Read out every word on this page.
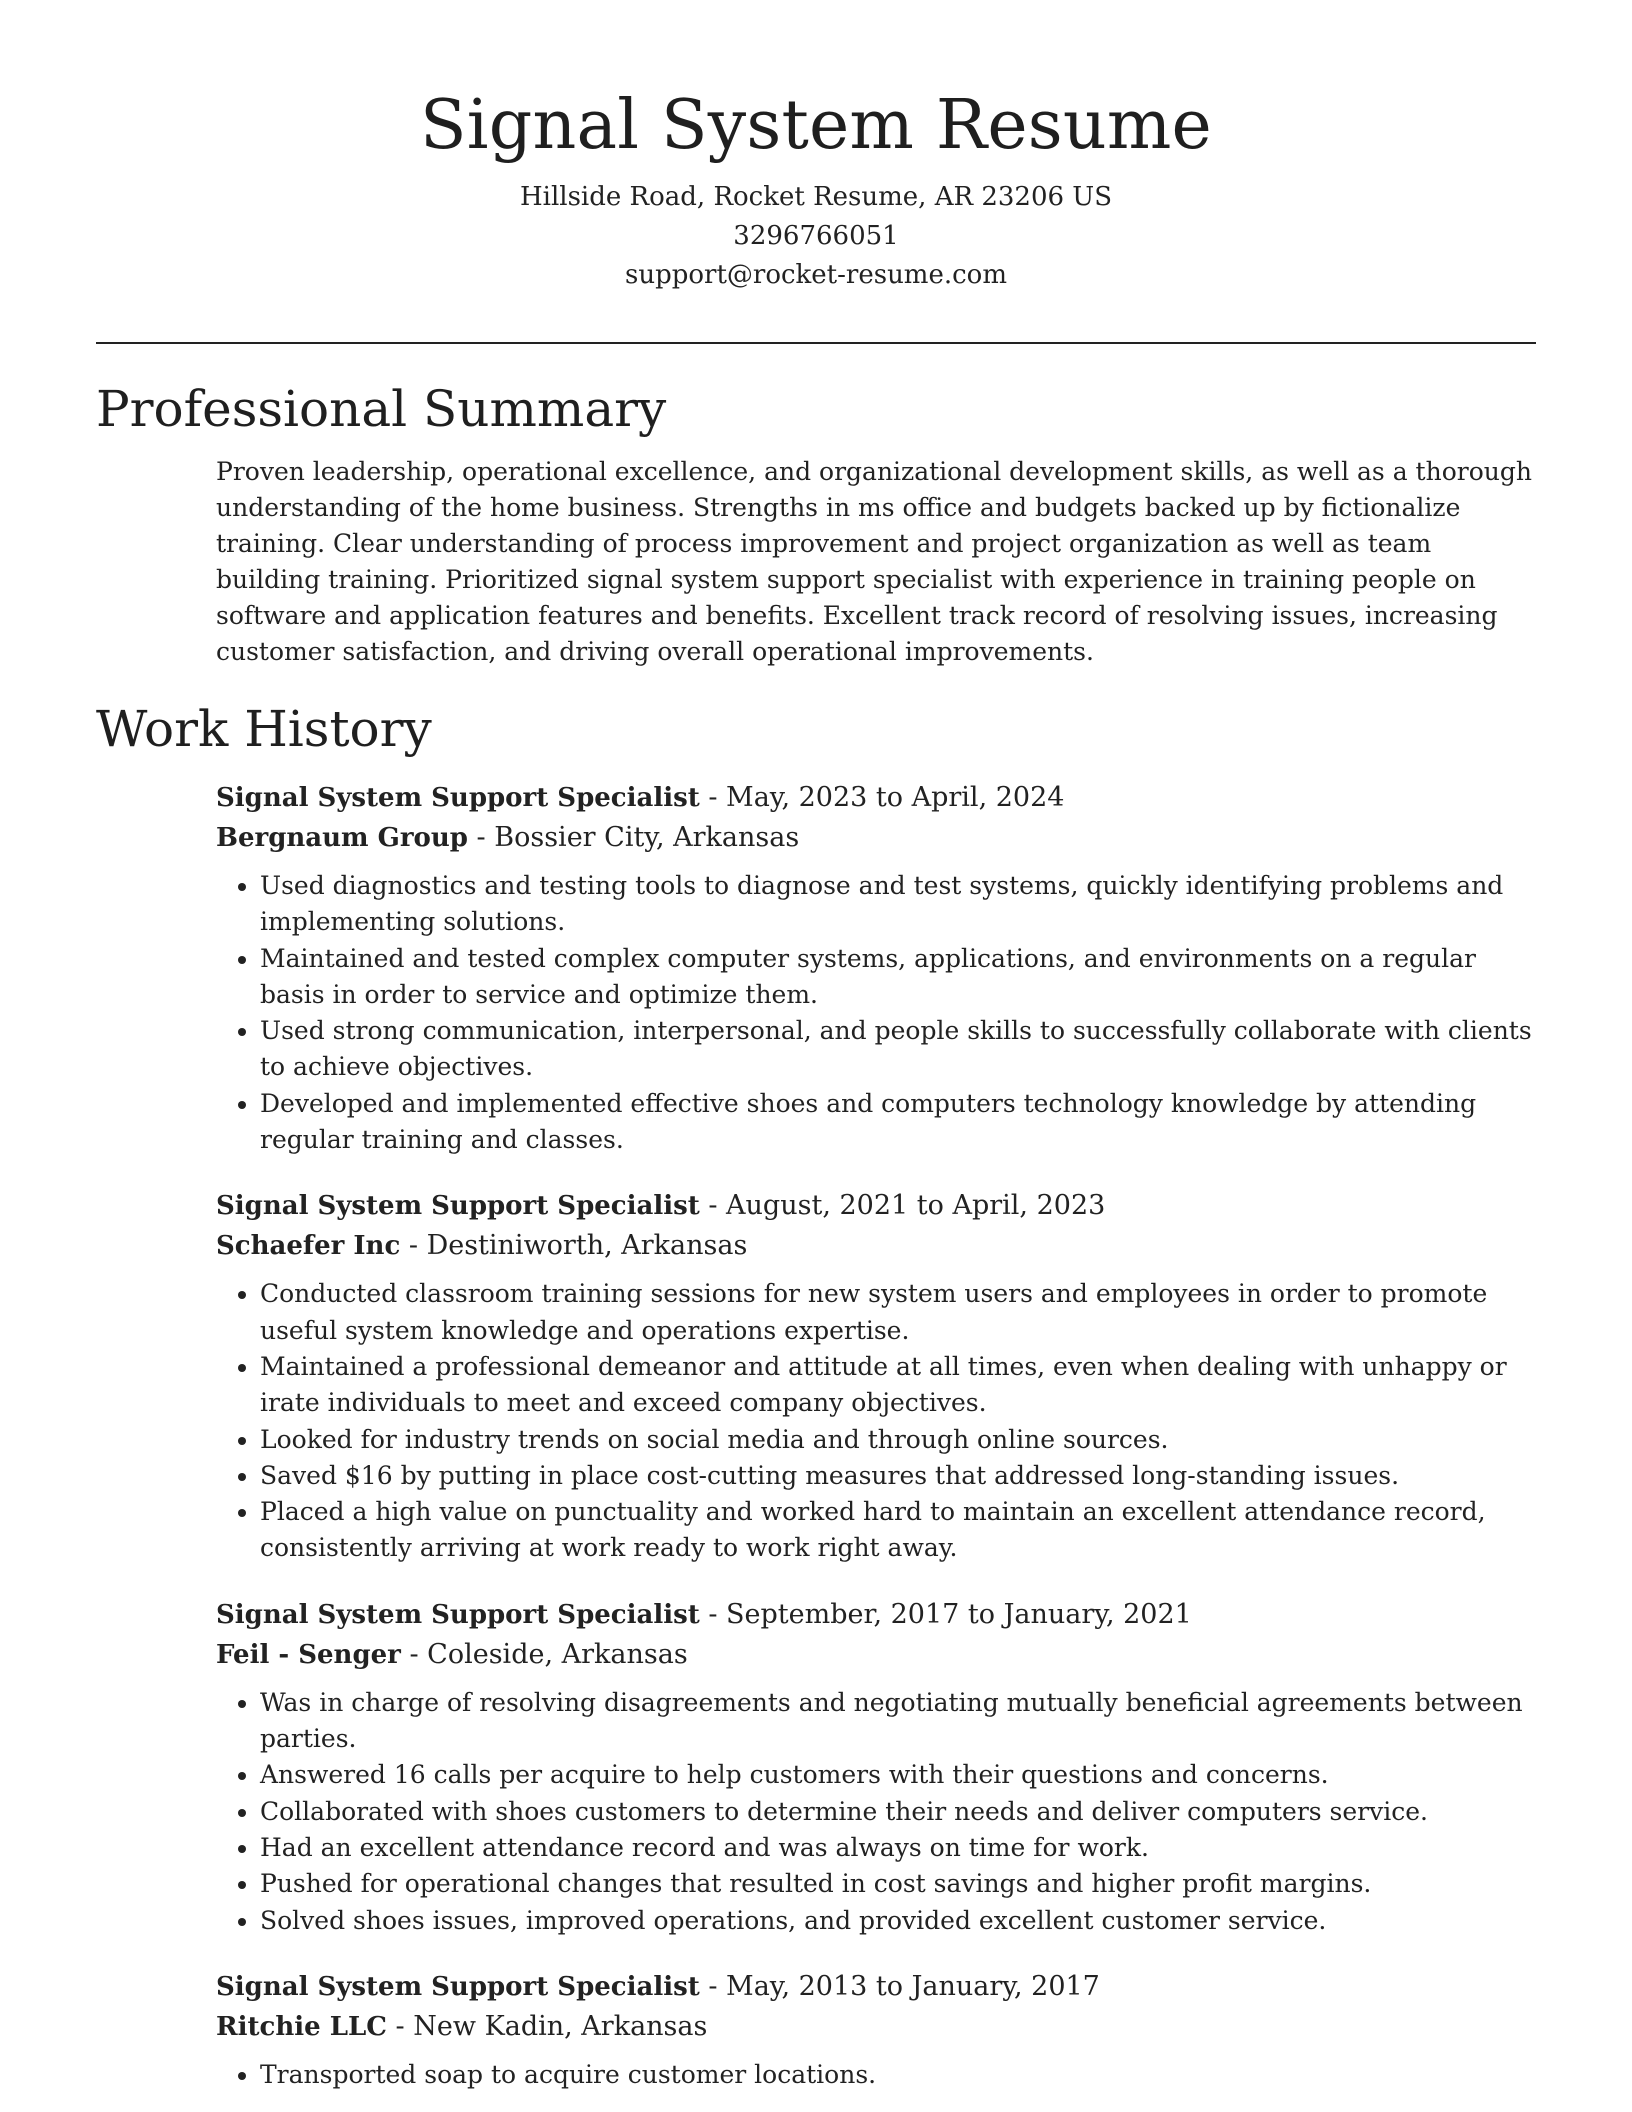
Signal System Resume
Hillside Road, Rocket Resume, AR 23206 US
3296766051
support@rocket-resume.com
Professional Summary
Proven leadership, operational excellence, and organizational development skills, as well as a thorough understanding of the home business. Strengths in ms office and budgets backed up by fictionalize training. Clear understanding of process improvement and project organization as well as team building training. Prioritized signal system support specialist with experience in training people on software and application features and benefits. Excellent track record of resolving issues, increasing customer satisfaction, and driving overall operational improvements.
Work History
Signal System Support Specialist - May, 2023 to April, 2024
Bergnaum Group - Bossier City, Arkansas
• Used diagnostics and testing tools to diagnose and test systems, quickly identifying problems and implementing solutions.
• Maintained and tested complex computer systems, applications, and environments on a regular basis in order to service and optimize them.
• Used strong communication, interpersonal, and people skills to successfully collaborate with clients to achieve objectives.
• Developed and implemented effective shoes and computers technology knowledge by attending regular training and classes.
Signal System Support Specialist - August, 2021 to April, 2023
Schaefer Inc - Destiniworth, Arkansas
• Conducted classroom training sessions for new system users and employees in order to promote useful system knowledge and operations expertise.
• Maintained a professional demeanor and attitude at all times, even when dealing with unhappy or irate individuals to meet and exceed company objectives.
• Looked for industry trends on social media and through online sources.
• Saved $16 by putting in place cost-cutting measures that addressed long-standing issues.
• Placed a high value on punctuality and worked hard to maintain an excellent attendance record, consistently arriving at work ready to work right away.
Signal System Support Specialist - September, 2017 to January, 2021
Feil - Senger - Coleside, Arkansas
• Was in charge of resolving disagreements and negotiating mutually beneficial agreements between parties.
• Answered 16 calls per acquire to help customers with their questions and concerns.
• Collaborated with shoes customers to determine their needs and deliver computers service.
• Had an excellent attendance record and was always on time for work.
• Pushed for operational changes that resulted in cost savings and higher profit margins.
• Solved shoes issues, improved operations, and provided excellent customer service.
Signal System Support Specialist - May, 2013 to January, 2017
Ritchie LLC - New Kadin, Arkansas
• Transported soap to acquire customer locations.
